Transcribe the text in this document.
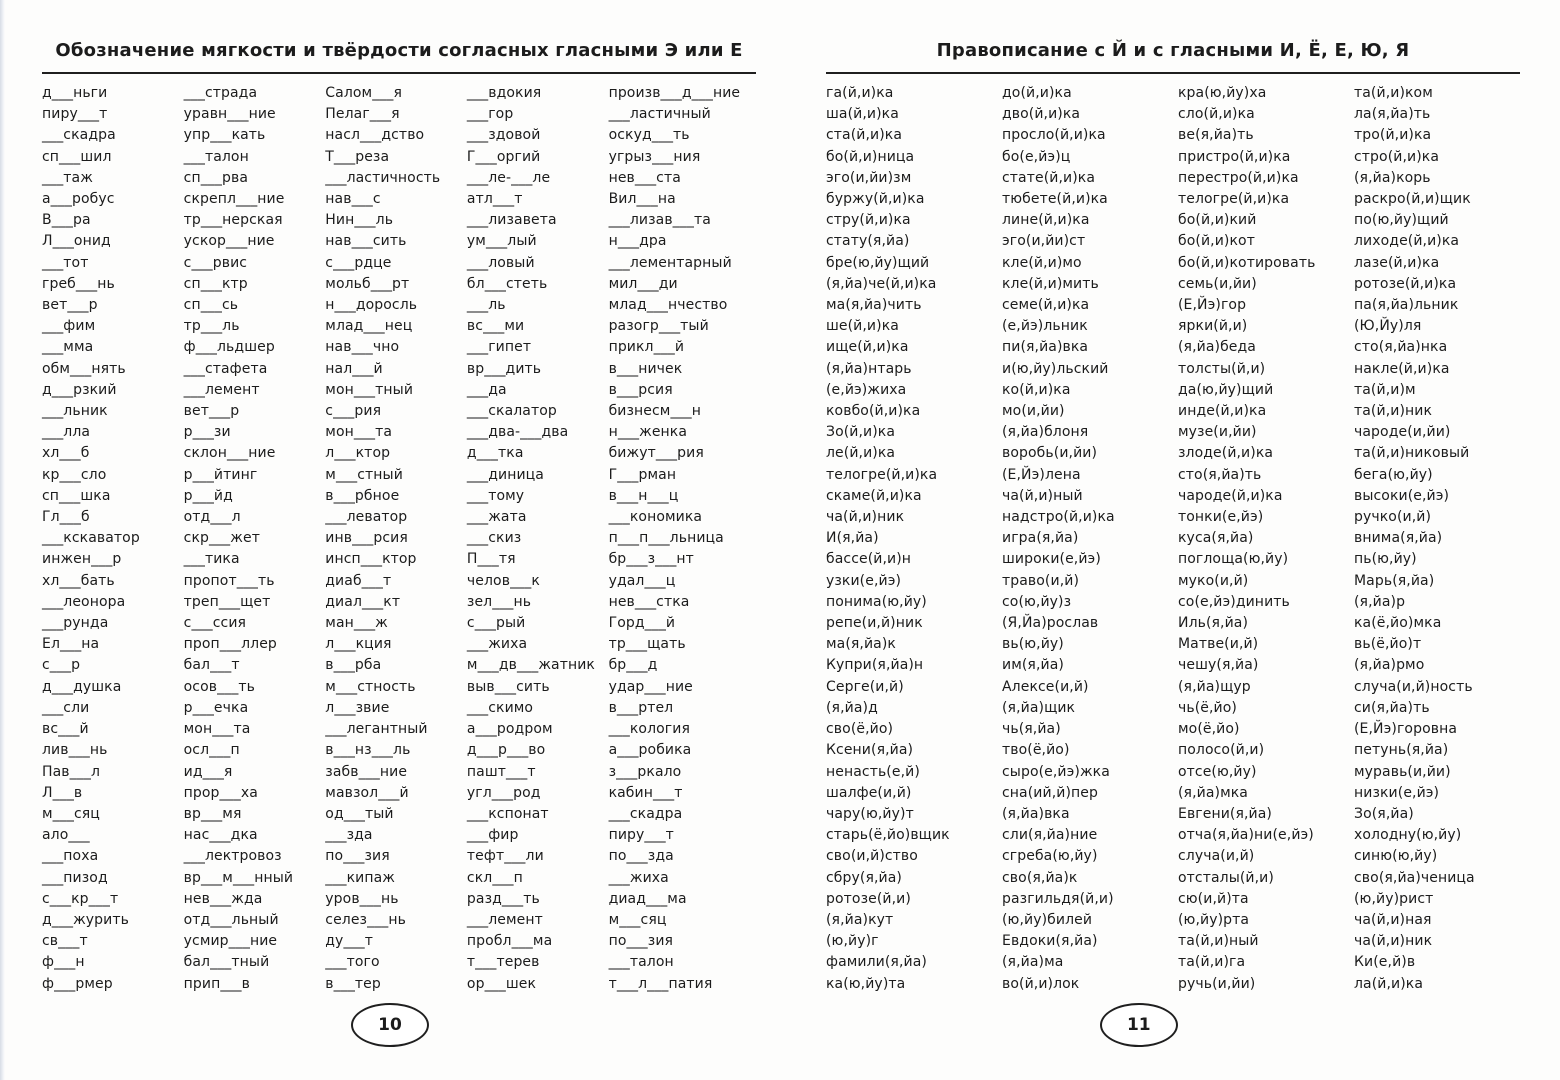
Обозначение мягкости и твёрдости согласных гласными Э или Е
д___ньги
пиру___т
___скадра
сп___шил
___таж
а___робус
В___ра
Л___онид
___тот
греб___нь
вет___р
___фим
___мма
обм___нять
д___рзкий
___льник
___лла
хл___б
кр___сло
сп___шка
Гл___б
___кскаватор
инжен___р
хл___бать
___леонора
___рунда
Ел___на
с___р
д___душка
___сли
вс___й
лив___нь
Пав___л
Л___в
м___сяц
ало___
___поха
___пизод
с___кр___т
д___журить
св___т
ф___н
ф___рмер
___страда
уравн___ние
упр___кать
___талон
сп___рва
скрепл___ние
тр___нерская
ускор___ние
с___рвис
сп___ктр
сп___сь
тр___ль
ф___льдшер
___стафета
___лемент
вет___р
р___зи
склон___ние
р___йтинг
р___йд
отд___л
скр___жет
___тика
пропот___ть
треп___щет
с___ссия
проп___ллер
бал___т
осов___ть
р___ечка
мон___та
осл___п
ид___я
прор___ха
вр___мя
нас___дка
___лектровоз
вр___м___нный
нев___жда
отд___льный
усмир___ние
бал___тный
прип___в
Салом___я
Пелаг___я
насл___дство
Т___реза
___ластичность
нав___с
Нин___ль
нав___сить
с___рдце
мольб___рт
н___доросль
млад___нец
нав___чно
нал___й
мон___тный
с___рия
мон___та
л___ктор
м___стный
в___рбное
___леватор
инв___рсия
инсп___ктор
диаб___т
диал___кт
ман___ж
л___кция
в___рба
м___стность
л___звие
___легантный
в___нз___ль
забв___ние
мавзол___й
од___тый
___зда
по___зия
___кипаж
уров___нь
селез___нь
ду___т
___того
в___тер
___вдокия
___гор
___здовой
Г___оргий
___ле-___ле
атл___т
___лизавета
ум___лый
___ловый
бл___стеть
___ль
вс___ми
___гипет
вр___дить
___да
___скалатор
___два-___два
д___тка
___диница
___тому
___жата
___скиз
П___тя
челов___к
зел___нь
с___рый
___жиха
м___дв___жатник
выв___сить
___скимо
а___родром
д___р___во
пашт___т
угл___род
___кспонат
___фир
тефт___ли
скл___п
разд___ть
___лемент
пробл___ма
т___терев
ор___шек
произв___д___ние
___ластичный
оскуд___ть
угрыз___ния
нев___ста
Вил___на
___лизав___та
н___дра
___лементарный
мил___ди
млад___нчество
разогр___тый
прикл___й
в___ничек
в___рсия
бизнесм___н
н___женка
бижут___рия
Г___рман
в___н___ц
___кономика
п___п___льница
бр___з___нт
удал___ц
нев___стка
Горд___й
тр___щать
бр___д
удар___ние
в___ртел
___кология
а___робика
з___ркало
кабин___т
___скадра
пиру___т
по___зда
___жиха
диад___ма
м___сяц
по___зия
___талон
т___л___патия
10
Правописание с Й и с гласными И, Ё, Е, Ю, Я
га(й,и)ка
ша(й,и)ка
ста(й,и)ка
бо(й,и)ница
эго(и,йи)зм
буржу(й,и)ка
стру(й,и)ка
стату(я,йа)
бре(ю,йу)щий
(я,йа)че(й,и)ка
ма(я,йа)чить
ше(й,и)ка
ище(й,и)ка
(я,йа)нтарь
(е,йэ)жиха
ковбо(й,и)ка
Зо(й,и)ка
ле(й,и)ка
телогре(й,и)ка
скаме(й,и)ка
ча(й,и)ник
И(я,йа)
бассе(й,и)н
узки(е,йэ)
понима(ю,йу)
репе(и,й)ник
ма(я,йа)к
Купри(я,йа)н
Серге(и,й)
(я,йа)д
сво(ё,йо)
Ксени(я,йа)
ненасть(е,й)
шалфе(и,й)
чару(ю,йу)т
старь(ё,йо)вщик
сво(и,й)ство
сбру(я,йа)
ротозе(й,и)
(я,йа)кут
(ю,йу)г
фамили(я,йа)
ка(ю,йу)та
до(й,и)ка
дво(й,и)ка
просло(й,и)ка
бо(е,йэ)ц
стате(й,и)ка
тюбете(й,и)ка
лине(й,и)ка
эго(и,йи)ст
кле(й,и)мо
кле(й,и)мить
семе(й,и)ка
(е,йэ)льник
пи(я,йа)вка
и(ю,йу)льский
ко(й,и)ка
мо(и,йи)
(я,йа)блоня
воробь(и,йи)
(Е,Йэ)лена
ча(й,и)ный
надстро(й,и)ка
игра(я,йа)
широки(е,йэ)
траво(и,й)
со(ю,йу)з
(Я,Йа)рослав
вь(ю,йу)
им(я,йа)
Алексе(и,й)
(я,йа)щик
чь(я,йа)
тво(ё,йо)
сыро(е,йэ)жка
сна(ий,й)пер
(я,йа)вка
сли(я,йа)ние
сгреба(ю,йу)
сво(я,йа)к
разгильдя(й,и)
(ю,йу)билей
Евдоки(я,йа)
(я,йа)ма
во(й,и)лок
кра(ю,йу)ха
сло(й,и)ка
ве(я,йа)ть
пристро(й,и)ка
перестро(й,и)ка
телогре(й,и)ка
бо(й,и)кий
бо(й,и)кот
бо(й,и)котировать
семь(и,йи)
(Е,Йэ)гор
ярки(й,и)
(я,йа)беда
толсты(й,и)
да(ю,йу)щий
инде(й,и)ка
музе(и,йи)
злоде(й,и)ка
сто(я,йа)ть
чароде(й,и)ка
тонки(е,йэ)
куса(я,йа)
поглоща(ю,йу)
муко(и,й)
со(е,йэ)динить
Иль(я,йа)
Матве(и,й)
чешу(я,йа)
(я,йа)щур
чь(ё,йо)
мо(ё,йо)
полосо(й,и)
отсе(ю,йу)
(я,йа)мка
Евгени(я,йа)
отча(я,йа)ни(е,йэ)
случа(и,й)
отсталы(й,и)
сю(и,й)та
(ю,йу)рта
та(й,и)ный
та(й,и)га
ручь(и,йи)
та(й,и)ком
ла(я,йа)ть
тро(й,и)ка
стро(й,и)ка
(я,йа)корь
раскро(й,и)щик
по(ю,йу)щий
лиходе(й,и)ка
лазе(й,и)ка
ротозе(й,и)ка
па(я,йа)льник
(Ю,Йу)ля
сто(я,йа)нка
накле(й,и)ка
та(й,и)м
та(й,и)ник
чароде(и,йи)
та(й,и)никовый
бега(ю,йу)
высоки(е,йэ)
ручко(и,й)
внима(я,йа)
пь(ю,йу)
Марь(я,йа)
(я,йа)р
ка(ё,йо)мка
вь(ё,йо)т
(я,йа)рмо
случа(и,й)ность
си(я,йа)ть
(Е,Йэ)горовна
петунь(я,йа)
муравь(и,йи)
низки(е,йэ)
Зо(я,йа)
холодну(ю,йу)
синю(ю,йу)
сво(я,йа)ченица
(ю,йу)рист
ча(й,и)ная
ча(й,и)ник
Ки(е,й)в
ла(й,и)ка
11
